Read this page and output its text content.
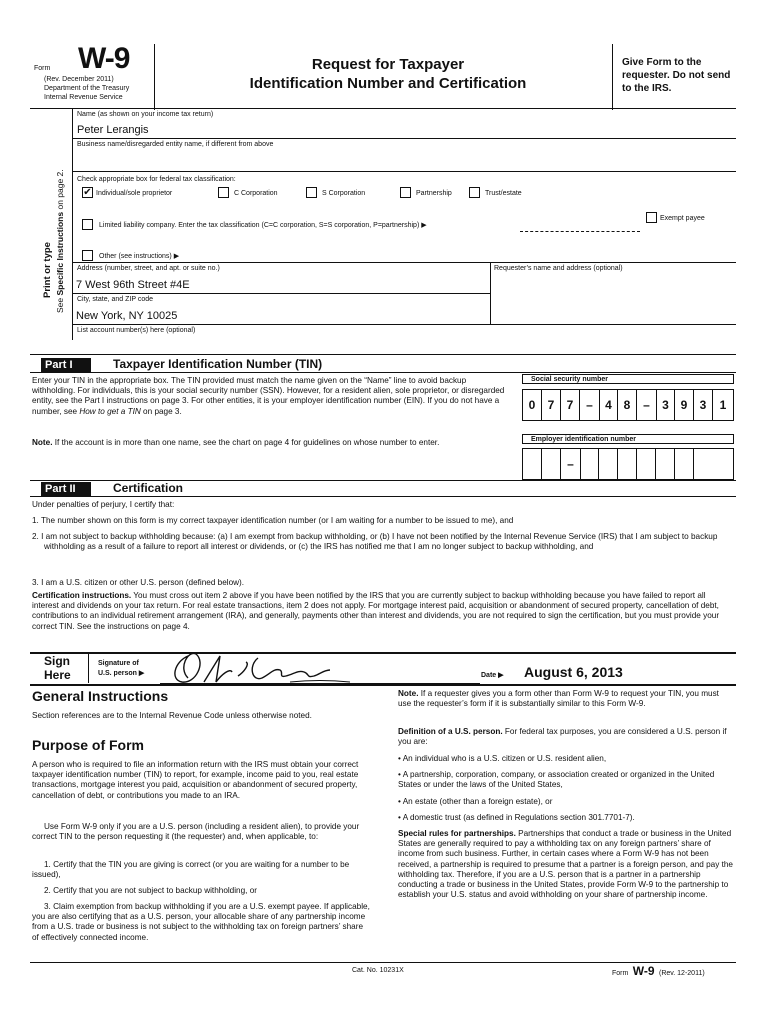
Form W-9
(Rev. December 2011)
Department of the Treasury
Internal Revenue Service
Request for Taxpayer
Identification Number and Certification
Give Form to the requester. Do not send to the IRS.
Print or type
See Specific Instructions on page 2.
Name (as shown on your income tax return)
Peter Lerangis
Business name/disregarded entity name, if different from above
Check appropriate box for federal tax classification:
✔ Individual/sole proprietor	C Corporation	S Corporation	Partnership	Trust/estate
Exempt payee
Limited liability company. Enter the tax classification (C=C corporation, S=S corporation, P=partnership) ▶
Other (see instructions) ▶
Address (number, street, and apt. or suite no.)
7 West 96th Street #4E
Requester’s name and address (optional)
City, state, and ZIP code
New York, NY 10025
List account number(s) here (optional)
Part I	Taxpayer Identification Number (TIN)

Enter your TIN in the appropriate box. The TIN provided must match the name given on the “Name” line to avoid backup withholding. For individuals, this is your social security number (SSN). However, for a resident alien, sole proprietor, or disregarded entity, see the Part I instructions on page 3. For other entities, it is your employer identification number (EIN). If you do not have a number, see How to get a TIN on page 3.

Note. If the account is in more than one name, see the chart on page 4 for guidelines on whose number to enter.

Social security number
0	7	7	–	4 8	–	3 9	3	1
Employer identification number
–
Part II	Certification

Under penalties of perjury, I certify that:

1. The number shown on this form is my correct taxpayer identification number (or I am waiting for a number to be issued to me), and

2. I am not subject to backup withholding because: (a) I am exempt from backup withholding, or (b) I have not been notified by the Internal Revenue Service (IRS) that I am subject to backup withholding as a result of a failure to report all interest or dividends, or (c) the IRS has notified me that I am no longer subject to backup withholding, and

3. I am a U.S. citizen or other U.S. person (defined below).

Certification instructions. You must cross out item 2 above if you have been notified by the IRS that you are currently subject to backup withholding because you have failed to report all interest and dividends on your tax return. For real estate transactions, item 2 does not apply. For mortgage interest paid, acquisition or abandonment of secured property, cancellation of debt, contributions to an individual retirement arrangement (IRA), and generally, payments other than interest and dividends, you are not required to sign the certification, but you must provide your correct TIN. See the instructions on page 4.

Sign
Here
Signature of
U.S. person ▶	Date ▶ August 6, 2013
General Instructions

Section references are to the Internal Revenue Code unless otherwise noted.

Purpose of Form

A person who is required to file an information return with the IRS must obtain your correct taxpayer identification number (TIN) to report, for example, income paid to you, real estate transactions, mortgage interest you paid, acquisition or abandonment of secured property, cancellation of debt, or contributions you made to an IRA.

Use Form W-9 only if you are a U.S. person (including a resident alien), to provide your correct TIN to the person requesting it (the requester) and, when applicable, to:

1. Certify that the TIN you are giving is correct (or you are waiting for a number to be issued),

2. Certify that you are not subject to backup withholding, or

3. Claim exemption from backup withholding if you are a U.S. exempt payee. If applicable, you are also certifying that as a U.S. person, your allocable share of any partnership income from a U.S. trade or business is not subject to the withholding tax on foreign partners’ share of effectively connected income.

Note. If a requester gives you a form other than Form W-9 to request your TIN, you must use the requester’s form if it is substantially similar to this Form W-9.

Definition of a U.S. person. For federal tax purposes, you are considered a U.S. person if you are:

• An individual who is a U.S. citizen or U.S. resident alien,

• A partnership, corporation, company, or association created or organized in the United States or under the laws of the United States,

• An estate (other than a foreign estate), or

• A domestic trust (as defined in Regulations section 301.7701-7).

Special rules for partnerships. Partnerships that conduct a trade or business in the United States are generally required to pay a withholding tax on any foreign partners’ share of income from such business. Further, in certain cases where a Form W-9 has not been received, a partnership is required to presume that a partner is a foreign person, and pay the withholding tax. Therefore, if you are a U.S. person that is a partner in a partnership conducting a trade or business in the United States, provide Form W-9 to the partnership to establish your U.S. status and avoid withholding on your share of partnership income.

Cat. No. 10231X	Form W-9 (Rev. 12-2011)
